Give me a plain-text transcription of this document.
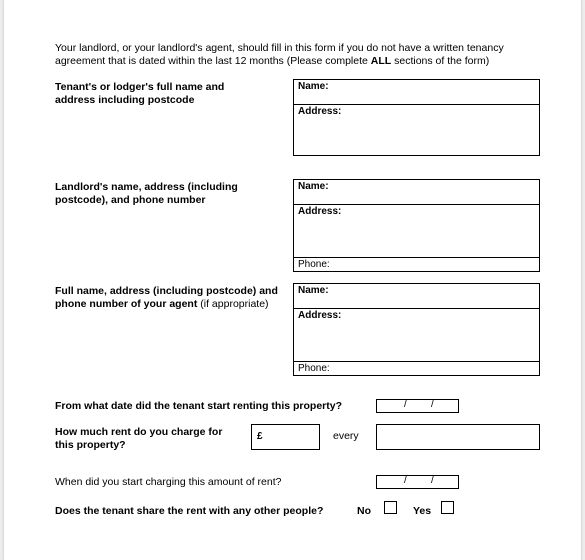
Your landlord, or your landlord's agent, should fill in this form if you do not have a written tenancy
agreement that is dated within the last 12 months (Please complete ALL sections of the form)
Tenant's or lodger's full name and
address including postcode
Name:
Address:
Landlord's name, address (including
postcode), and phone number
Name:
Address:
Phone:
Full name, address (including postcode) and
phone number of your agent (if appropriate)
Name:
Address:
Phone:
From what date did the tenant start renting this property?	/ /
How much rent do you charge for
this property?
£	every
When did you start charging this amount of rent?	/ /
Does the tenant share the rent with any other people?	No	Yes
